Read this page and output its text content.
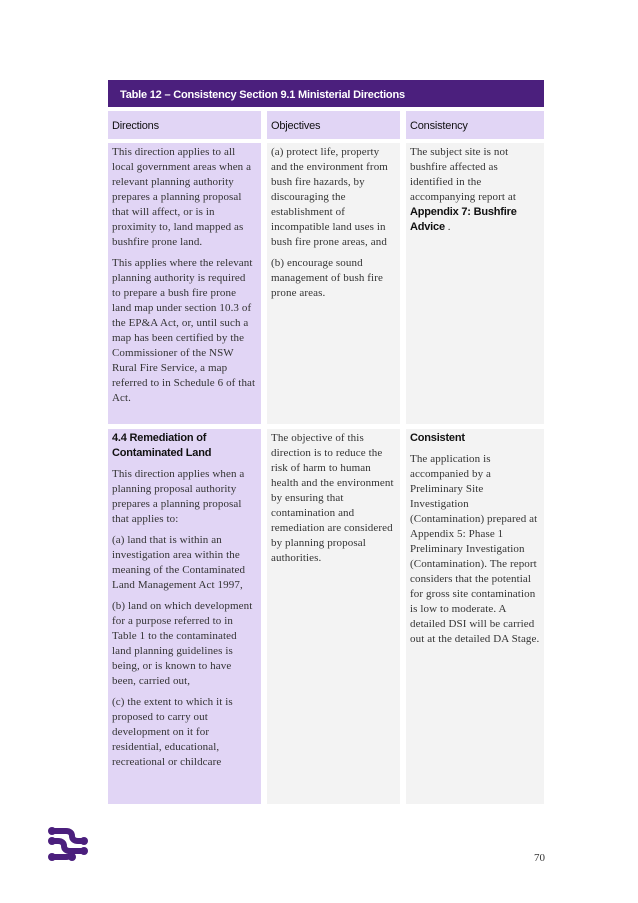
Table 12 – Consistency Section 9.1 Ministerial Directions
Directions	Objectives	Consistency

This direction applies to all local government areas when a relevant planning authority prepares a planning proposal that will affect, or is in proximity to, land mapped as bushfire prone land.

This applies where the relevant planning authority is required to prepare a bush fire prone land map under section 10.3 of the EP&A Act, or, until such a map has been certified by the Commissioner of the NSW Rural Fire Service, a map referred to in Schedule 6 of that Act.

(a) protect life, property and the environment from bush fire hazards, by discouraging the establishment of incompatible land uses in bush fire prone areas, and

(b) encourage sound management of bush fire prone areas.

The subject site is not bushfire affected as identified in the accompanying report at Appendix 7: Bushfire Advice .

4.4 Remediation of Contaminated Land

This direction applies when a planning proposal authority prepares a planning proposal that applies to:

(a) land that is within an investigation area within the meaning of the Contaminated Land Management Act 1997,

(b) land on which development for a purpose referred to in Table 1 to the contaminated land planning guidelines is being, or is known to have been, carried out,

(c) the extent to which it is proposed to carry out development on it for residential, educational, recreational or childcare

The objective of this direction is to reduce the risk of harm to human health and the environment by ensuring that contamination and remediation are considered by planning proposal authorities.

Consistent

The application is accompanied by a Preliminary Site Investigation (Contamination) prepared at Appendix 5: Phase 1 Preliminary Investigation (Contamination). The report considers that the potential for gross site contamination is low to moderate. A detailed DSI will be carried out at the detailed DA Stage.

70
